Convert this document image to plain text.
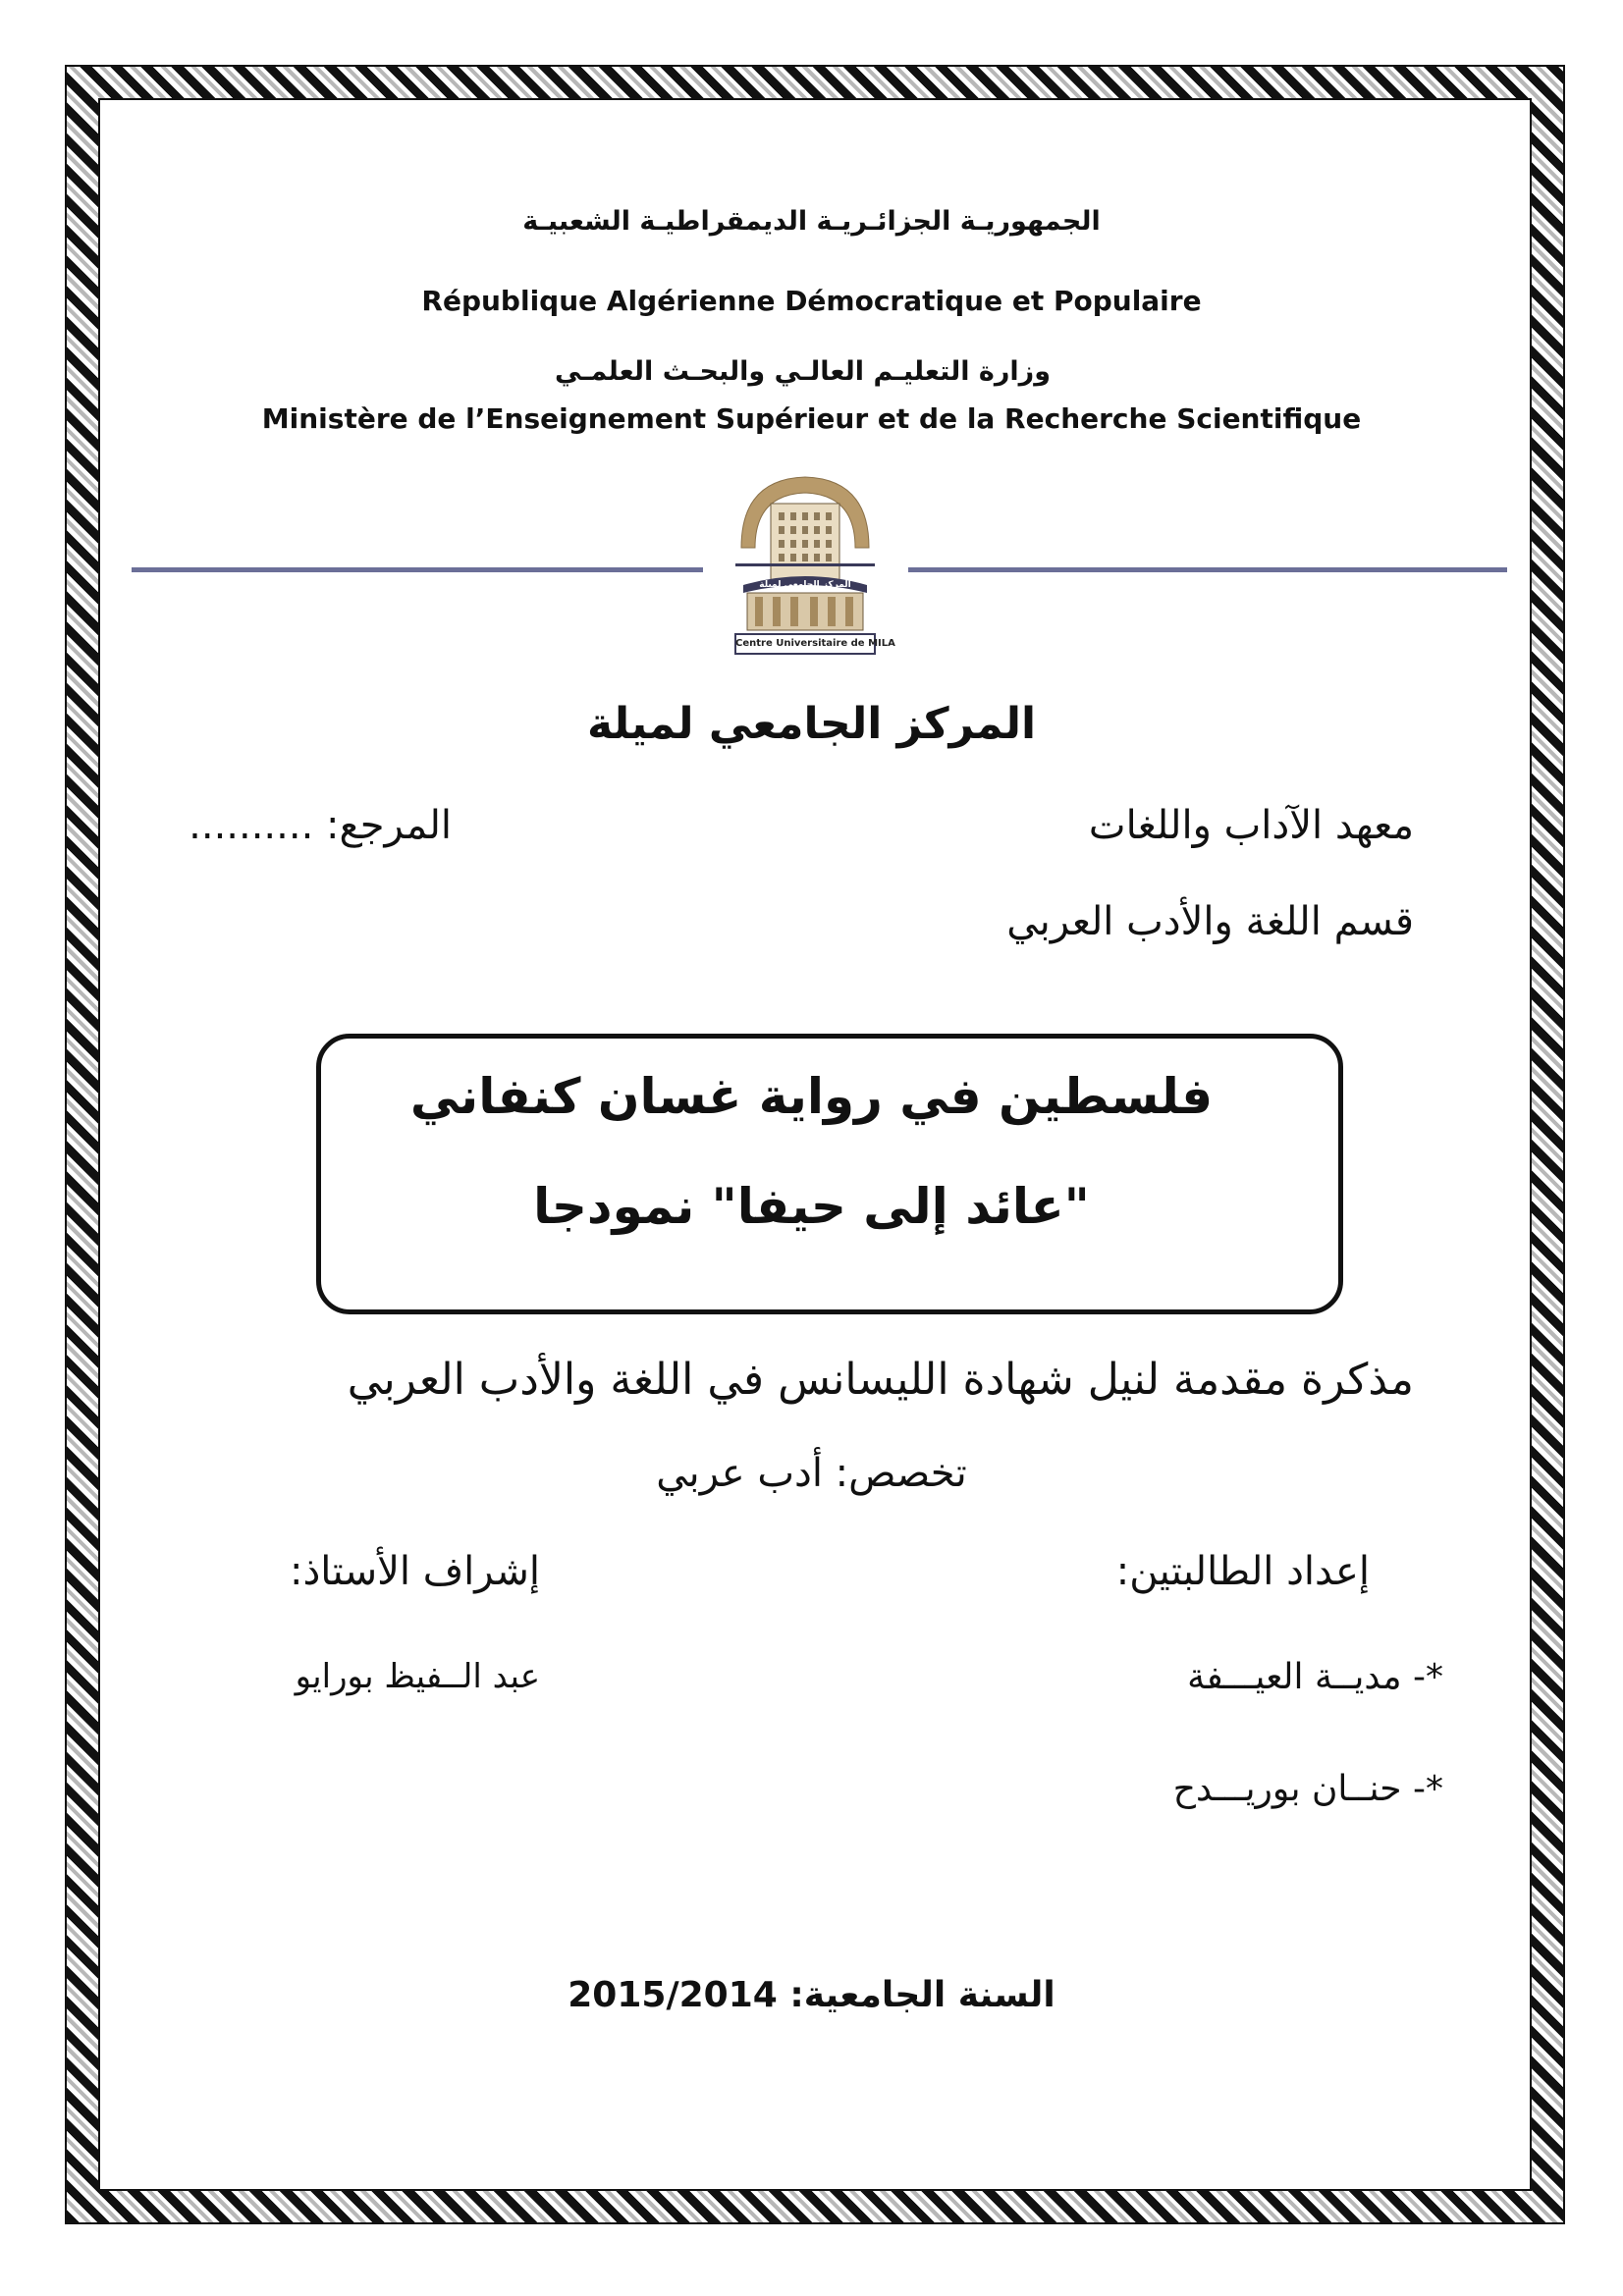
الجمهوريـة الجزائـريـة الديمقراطيـة الشعبيـة

République Algérienne Démocratique et Populaire

وزارة التعليـم العالـي والبحـث العلمـي

Ministère de l’Enseignement Supérieur et de la Recherche Scientifique

المركز الجامعي لميلة
Centre Universitaire de MILA

المركز الجامعي لميلة

معهد الآداب واللغات

المرجع: ..........

قسم اللغة والأدب العربي

فلسطين في رواية غسان كنفاني

"عائد إلى حيفا" نمودجا

مذكرة مقدمة لنيل شهادة الليسانس في اللغة والأدب العربي

تخصص: أدب عربي

إعداد الطالبتين:

إشراف الأستاذ:

*- مديـ​ـة العيـــفة

عبد الـ​ـفيظ بورايو

*- حنــان بوريـــدح

السنة الجامعية: 2015/2014
